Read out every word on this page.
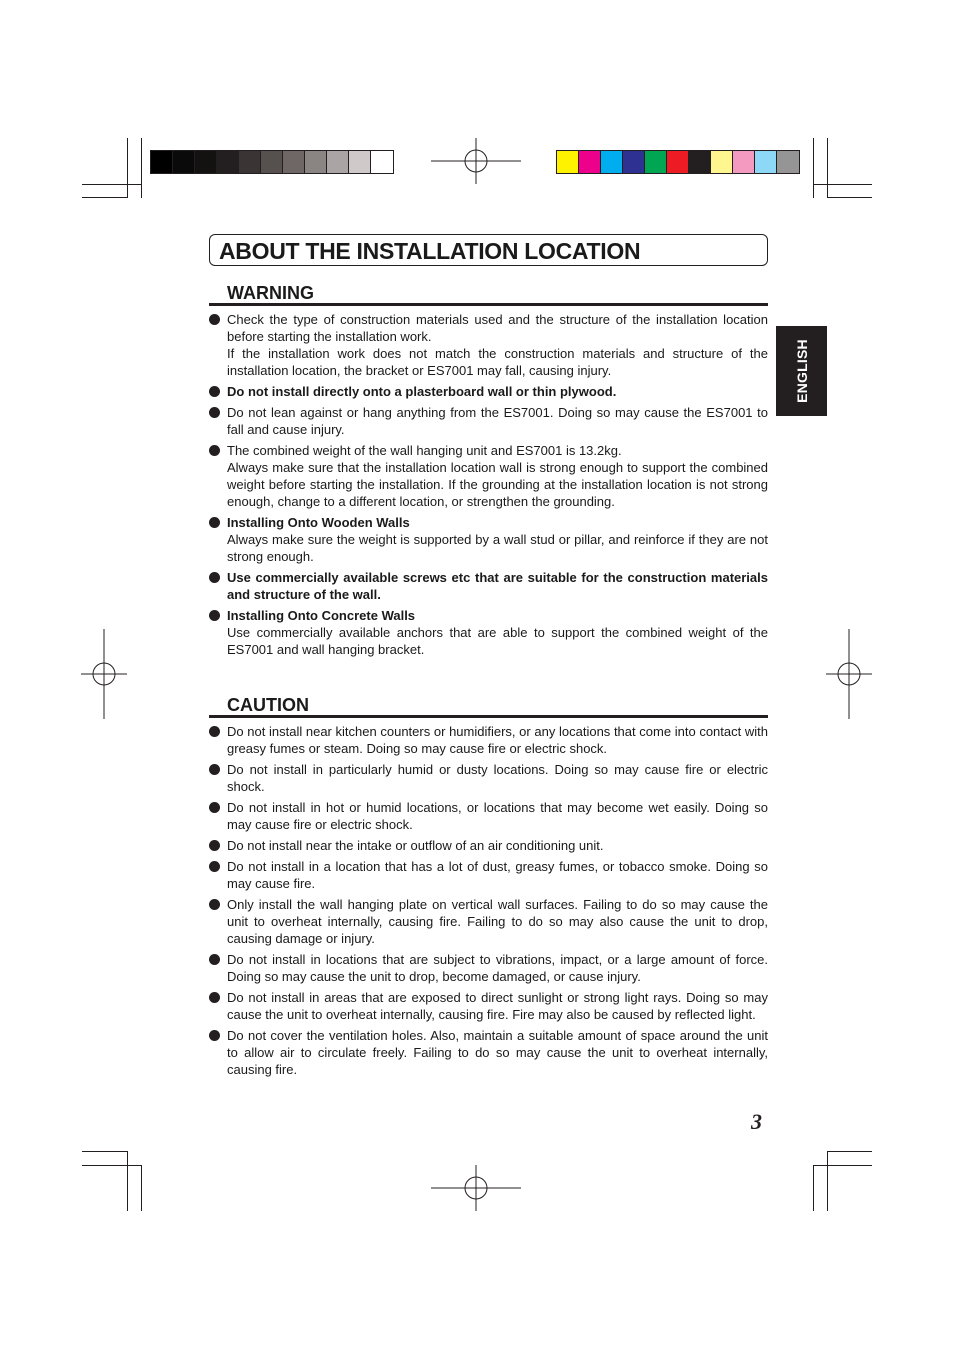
ABOUT THE INSTALLATION LOCATION
ENGLISH
WARNING

Check the type of construction materials used and the structure of the installation location before starting the installation work.

If the installation work does not match the construction materials and structure of the installation location, the bracket or ES7001 may fall, causing injury.

Do not install directly onto a plasterboard wall or thin plywood.

Do not lean against or hang anything from the ES7001. Doing so may cause the ES7001 to fall and cause injury.

The combined weight of the wall hanging unit and ES7001 is 13.2kg.

Always make sure that the installation location wall is strong enough to support the combined weight before starting the installation. If the grounding at the installation location is not strong enough, change to a different location, or strengthen the grounding.

Installing Onto Wooden Walls

Always make sure the weight is supported by a wall stud or pillar, and reinforce if they are not strong enough.

Use commercially available screws etc that are suitable for the construction materials and structure of the wall.

Installing Onto Concrete Walls

Use commercially available anchors that are able to support the combined weight of the ES7001 and wall hanging bracket.

CAUTION

Do not install near kitchen counters or humidifiers, or any locations that come into contact with greasy fumes or steam. Doing so may cause fire or electric shock.

Do not install in particularly humid or dusty locations. Doing so may cause fire or electric shock.

Do not install in hot or humid locations, or locations that may become wet easily. Doing so may cause fire or electric shock.

Do not install near the intake or outflow of an air conditioning unit.

Do not install in a location that has a lot of dust, greasy fumes, or tobacco smoke. Doing so may cause fire.

Only install the wall hanging plate on vertical wall surfaces. Failing to do so may cause the unit to overheat internally, causing fire. Failing to do so may also cause the unit to drop, causing damage or injury.

Do not install in locations that are subject to vibrations, impact, or a large amount of force. Doing so may cause the unit to drop, become damaged, or cause injury.

Do not install in areas that are exposed to direct sunlight or strong light rays. Doing so may cause the unit to overheat internally, causing fire. Fire may also be caused by reflected light.

Do not cover the ventilation holes. Also, maintain a suitable amount of space around the unit to allow air to circulate freely. Failing to do so may cause the unit to overheat internally, causing fire.

3
